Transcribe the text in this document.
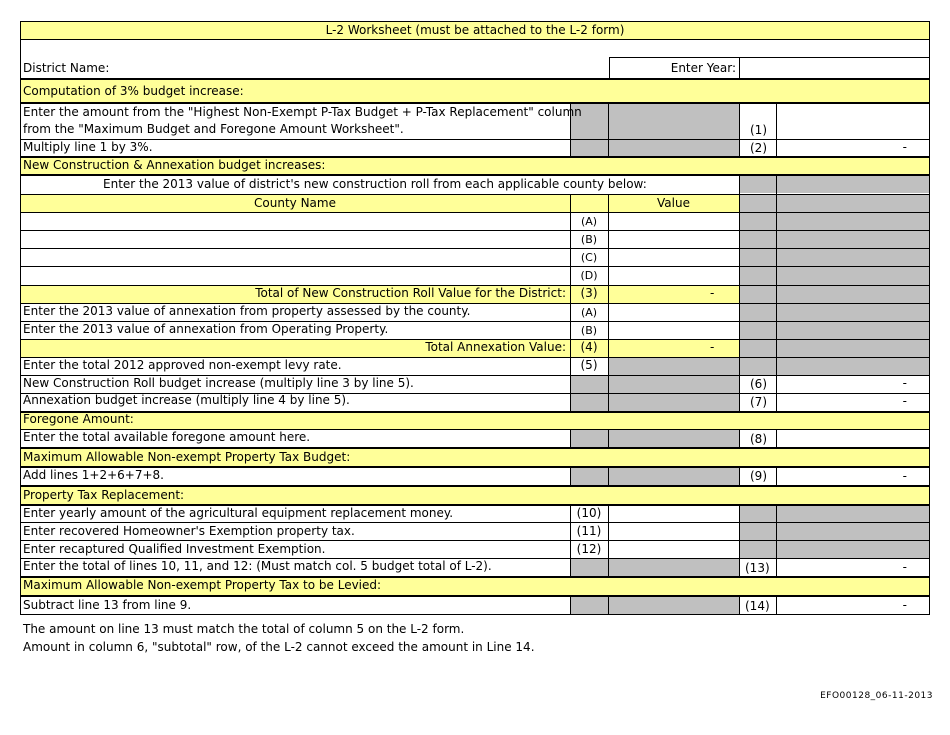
L-2 Worksheet (must be attached to the L-2 form)
District Name:	Enter Year:
Computation of 3% budget increase:
Enter the amount from the "Highest Non-Exempt P-Tax Budget + P-Tax Replacement" column
from the "Maximum Budget and Foregone Amount Worksheet".	(1)
Multiply line 1 by 3%.	(2)	-
New Construction & Annexation budget increases:
Enter the 2013 value of district's new construction roll from each applicable county below:
County Name	Value
(A)
(B)
(C)
(D)
Total of New Construction Roll Value for the District:	(3)	-
Enter the 2013 value of annexation from property assessed by the county.	(A)
Enter the 2013 value of annexation from Operating Property.	(B)
Total Annexation Value:	(4)	-
Enter the total 2012 approved non-exempt levy rate.	(5)
New Construction Roll budget increase (multiply line 3 by line 5).	(6)	-
Annexation budget increase (multiply line 4 by line 5).	(7)	-
Foregone Amount:
Enter the total available foregone amount here.	(8)
Maximum Allowable Non-exempt Property Tax Budget:
Add lines 1+2+6+7+8.	(9)	-
Property Tax Replacement:
Enter yearly amount of the agricultural equipment replacement money.	(10)
Enter recovered Homeowner's Exemption property tax.	(11)
Enter recaptured Qualified Investment Exemption.	(12)
Enter the total of lines 10, 11, and 12: (Must match col. 5 budget total of L-2).	(13)	-
Maximum Allowable Non-exempt Property Tax to be Levied:
Subtract line 13 from line 9.	(14)	-
The amount on line 13 must match the total of column 5 on the L-2 form.
Amount in column 6, "subtotal" row, of the L-2 cannot exceed the amount in Line 14.
EFO00128_06-11-2013
